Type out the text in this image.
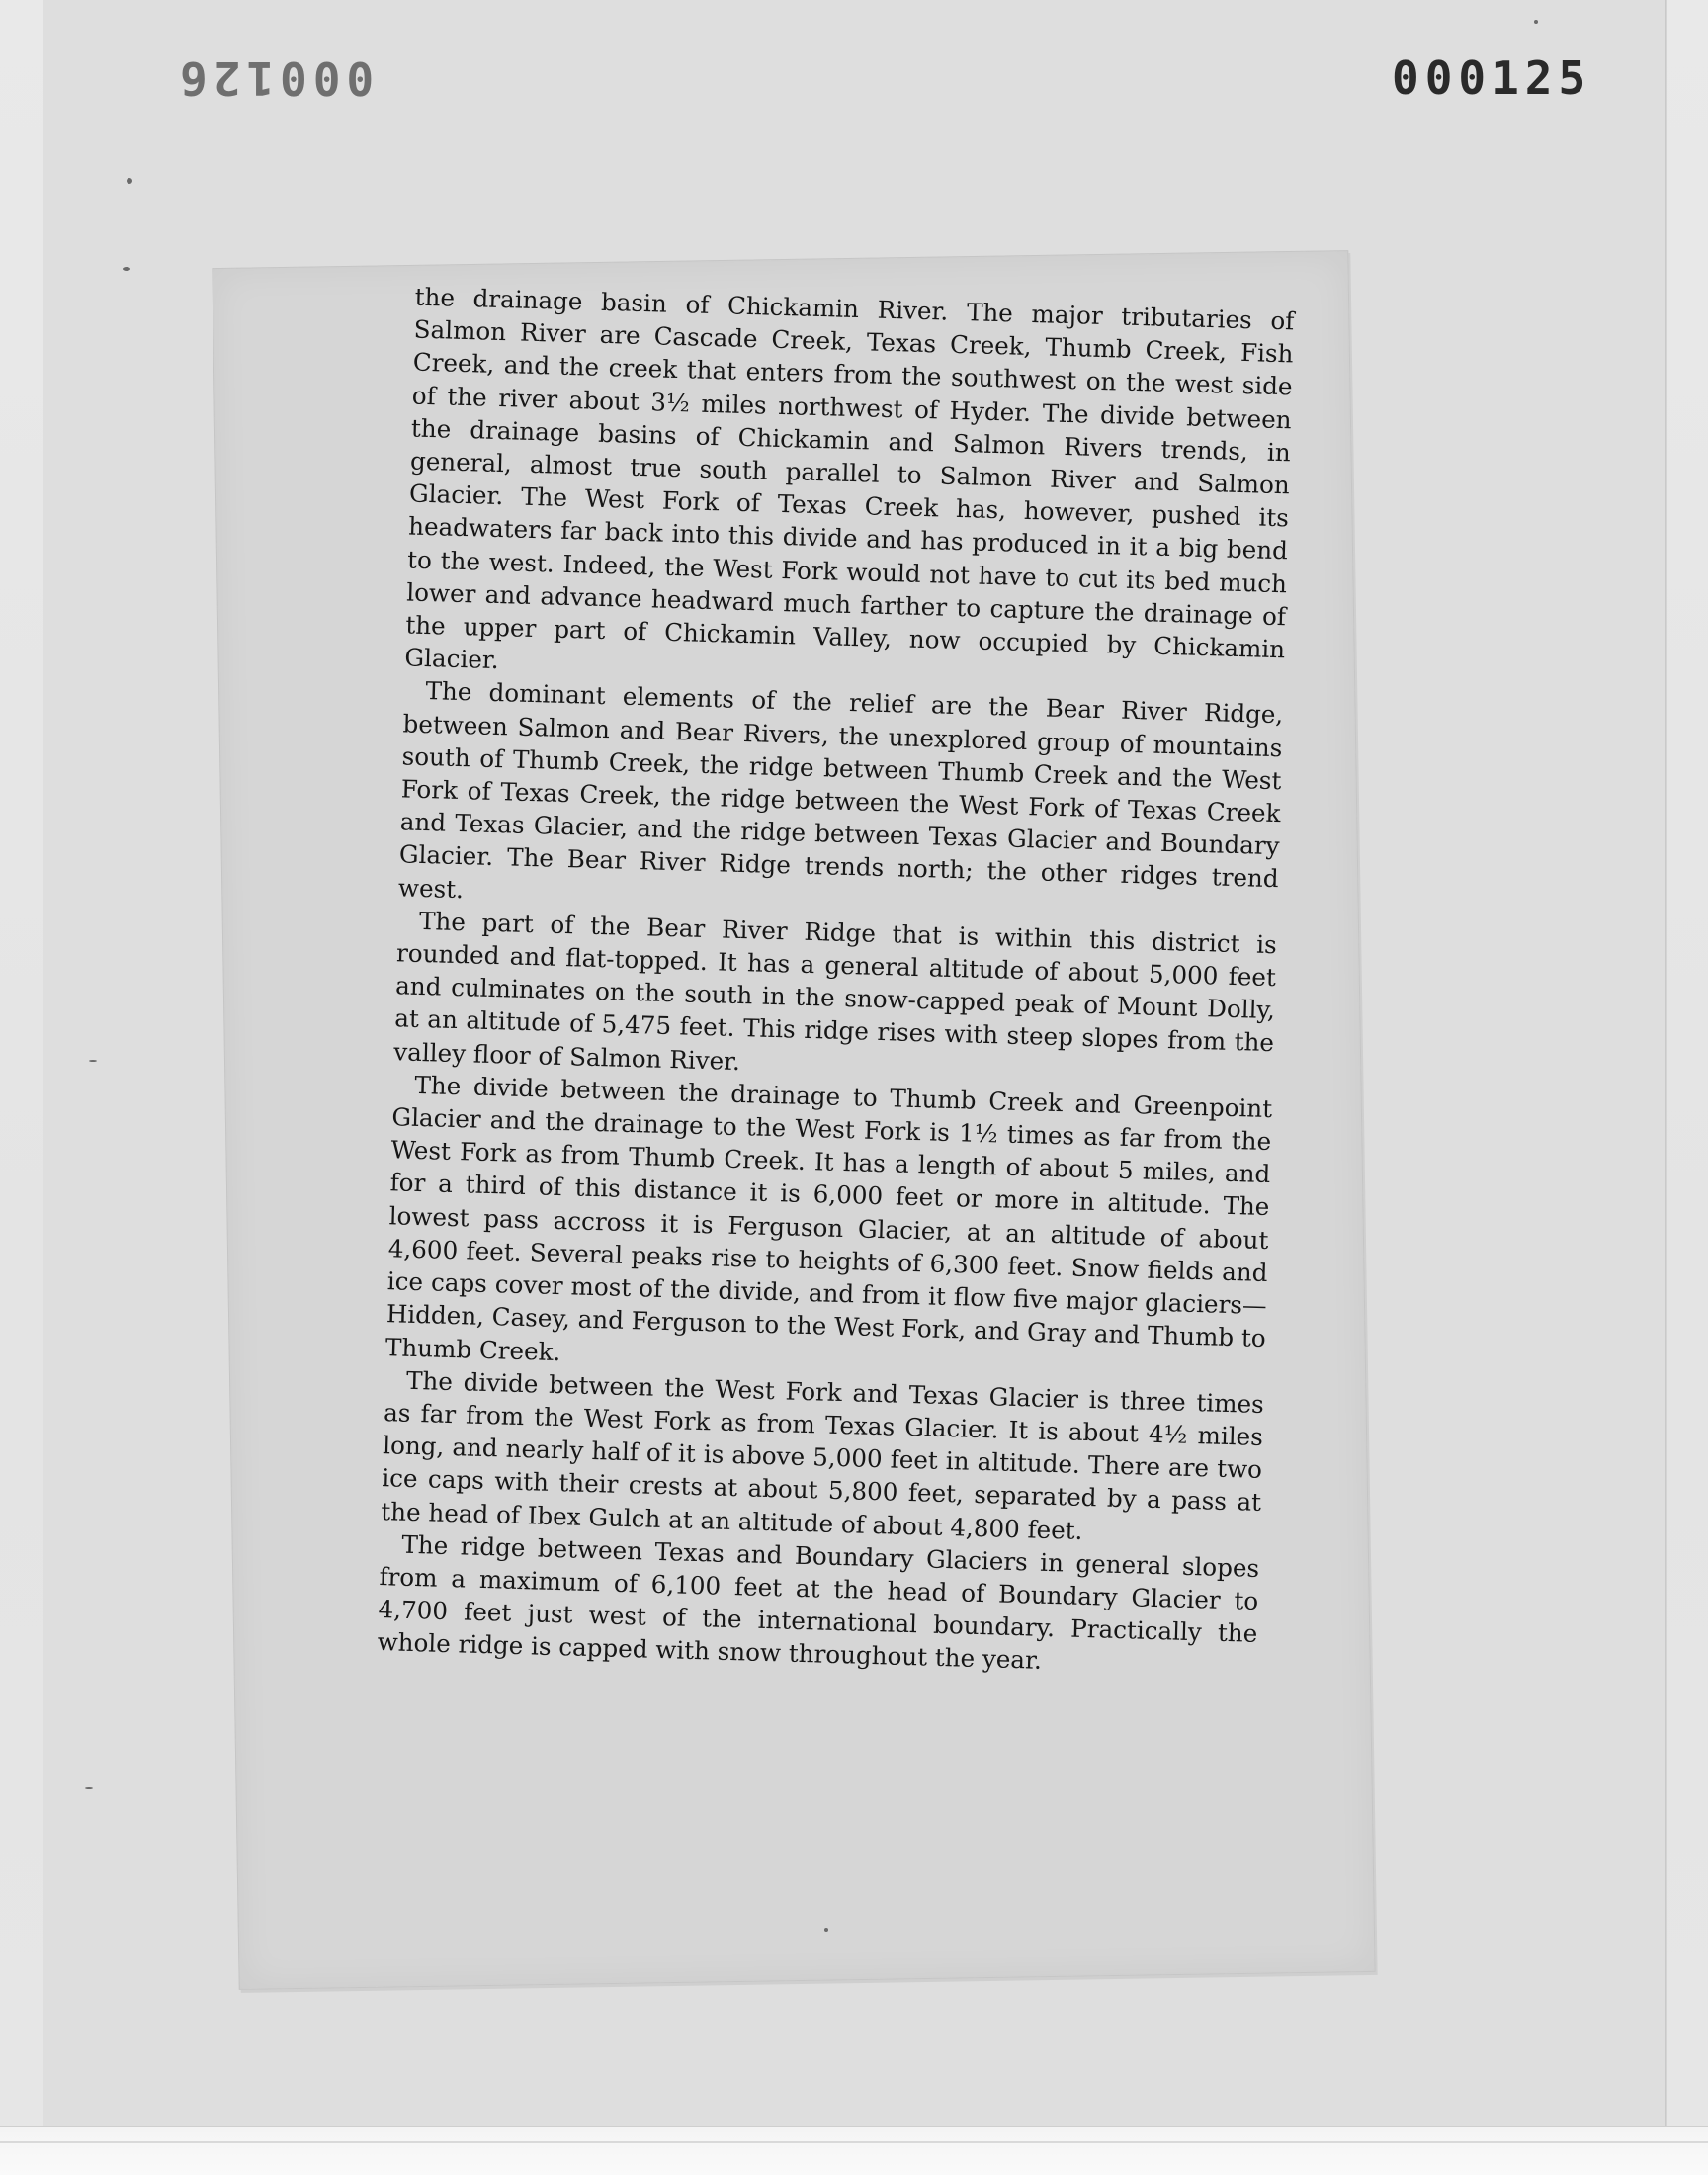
000126	000125

the drainage basin of Chickamin River. The major tributaries of Salmon River are Cascade Creek, Texas Creek, Thumb Creek, Fish Creek, and the creek that enters from the southwest on the west side of the river about 3½ miles northwest of Hyder. The divide between the drainage basins of Chickamin and Salmon Rivers trends, in general, almost true south parallel to Salmon River and Salmon Glacier. The West Fork of Texas Creek has, however, pushed its headwaters far back into this divide and has produced in it a big bend to the west. Indeed, the West Fork would not have to cut its bed much lower and advance headward much farther to capture the drainage of the upper part of Chickamin Valley, now occupied by Chickamin Glacier.

The dominant elements of the relief are the Bear River Ridge, between Salmon and Bear Rivers, the unexplored group of mountains south of Thumb Creek, the ridge between Thumb Creek and the West Fork of Texas Creek, the ridge between the West Fork of Texas Creek and Texas Glacier, and the ridge between Texas Glacier and Boundary Glacier. The Bear River Ridge trends north; the other ridges trend west.

The part of the Bear River Ridge that is within this district is rounded and flat-topped. It has a general altitude of about 5,000 feet and culminates on the south in the snow-capped peak of Mount Dolly, at an altitude of 5,475 feet. This ridge rises with steep slopes from the valley floor of Salmon River.

The divide between the drainage to Thumb Creek and Greenpoint Glacier and the drainage to the West Fork is 1½ times as far from the West Fork as from Thumb Creek. It has a length of about 5 miles, and for a third of this distance it is 6,000 feet or more in altitude. The lowest pass accross it is Ferguson Glacier, at an altitude of about 4,600 feet. Several peaks rise to heights of 6,300 feet. Snow fields and ice caps cover most of the divide, and from it flow five major glaciers—Hidden, Casey, and Ferguson to the West Fork, and Gray and Thumb to Thumb Creek.

The divide between the West Fork and Texas Glacier is three times as far from the West Fork as from Texas Glacier. It is about 4½ miles long, and nearly half of it is above 5,000 feet in altitude. There are two ice caps with their crests at about 5,800 feet, separated by a pass at the head of Ibex Gulch at an altitude of about 4,800 feet.

The ridge between Texas and Boundary Glaciers in general slopes from a maximum of 6,100 feet at the head of Boundary Glacier to 4,700 feet just west of the international boundary. Practically the whole ridge is capped with snow throughout the year.
